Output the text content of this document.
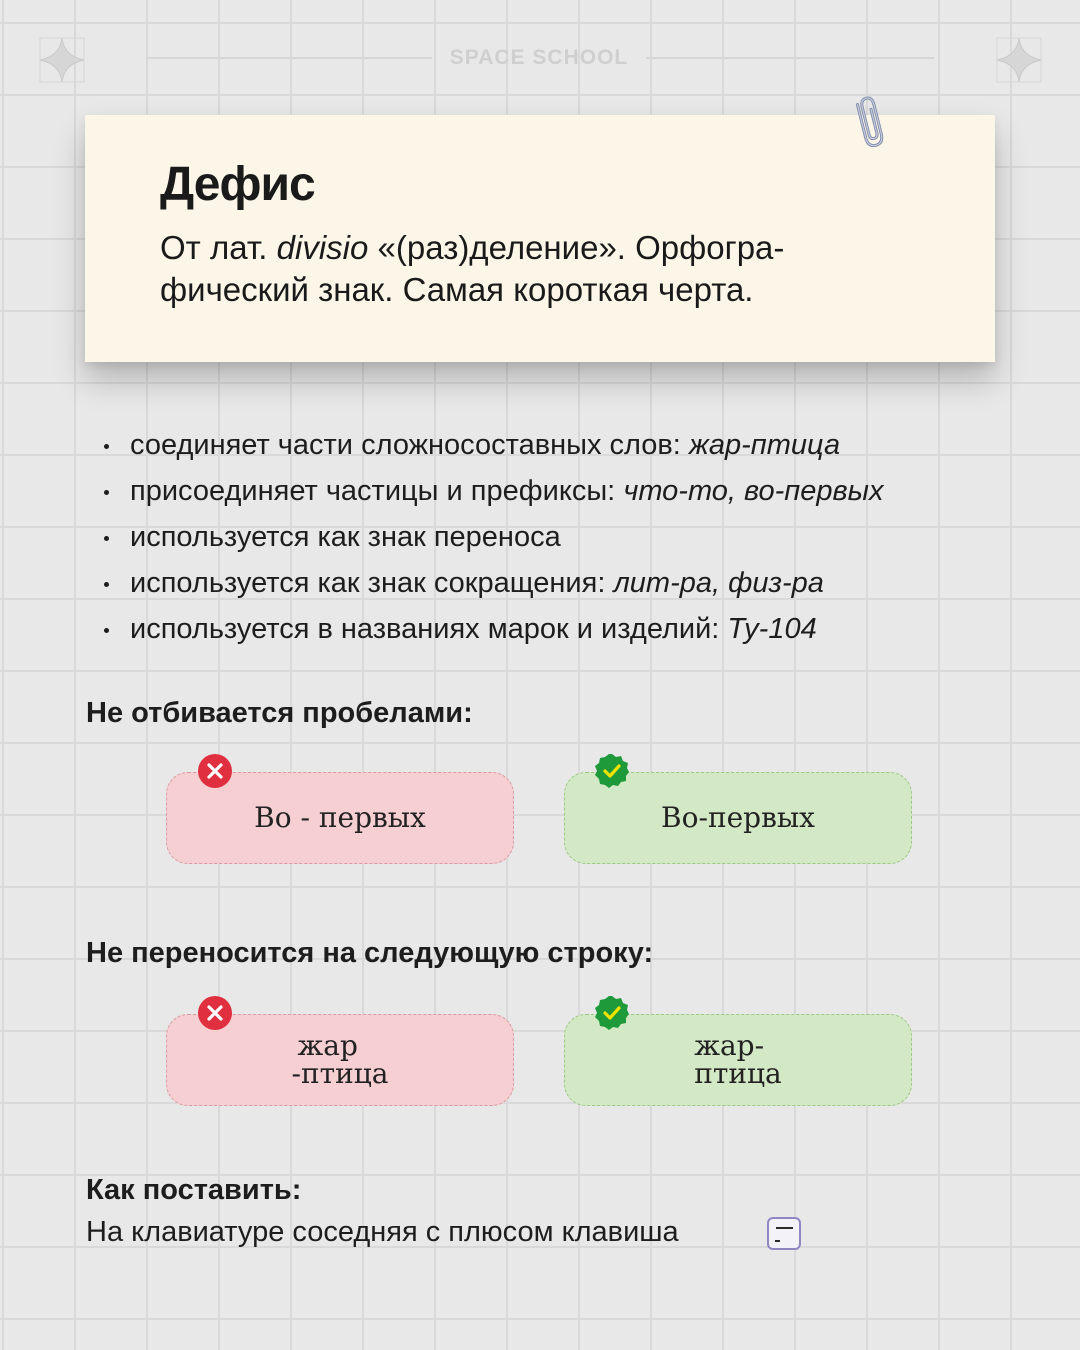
SPACE SCHOOL
Дефис

От лат. divisio «(раз)деление». Орфогра-фический знак. Самая короткая черта.

соединяет части сложносоставных слов: жар-птица
присоединяет частицы и префиксы: что-то, во-первых
используется как знак переноса
используется как знак сокращения: лит-ра, физ-ра
используется в названиях марок и изделий: Ту-104
Не отбивается пробелами:
Во - первых	Во-первых
Не переносится на следующую строку:
жар
-птица
жар-
птица
Как поставить:

На клавиатуре соседняя с плюсом клавиша
